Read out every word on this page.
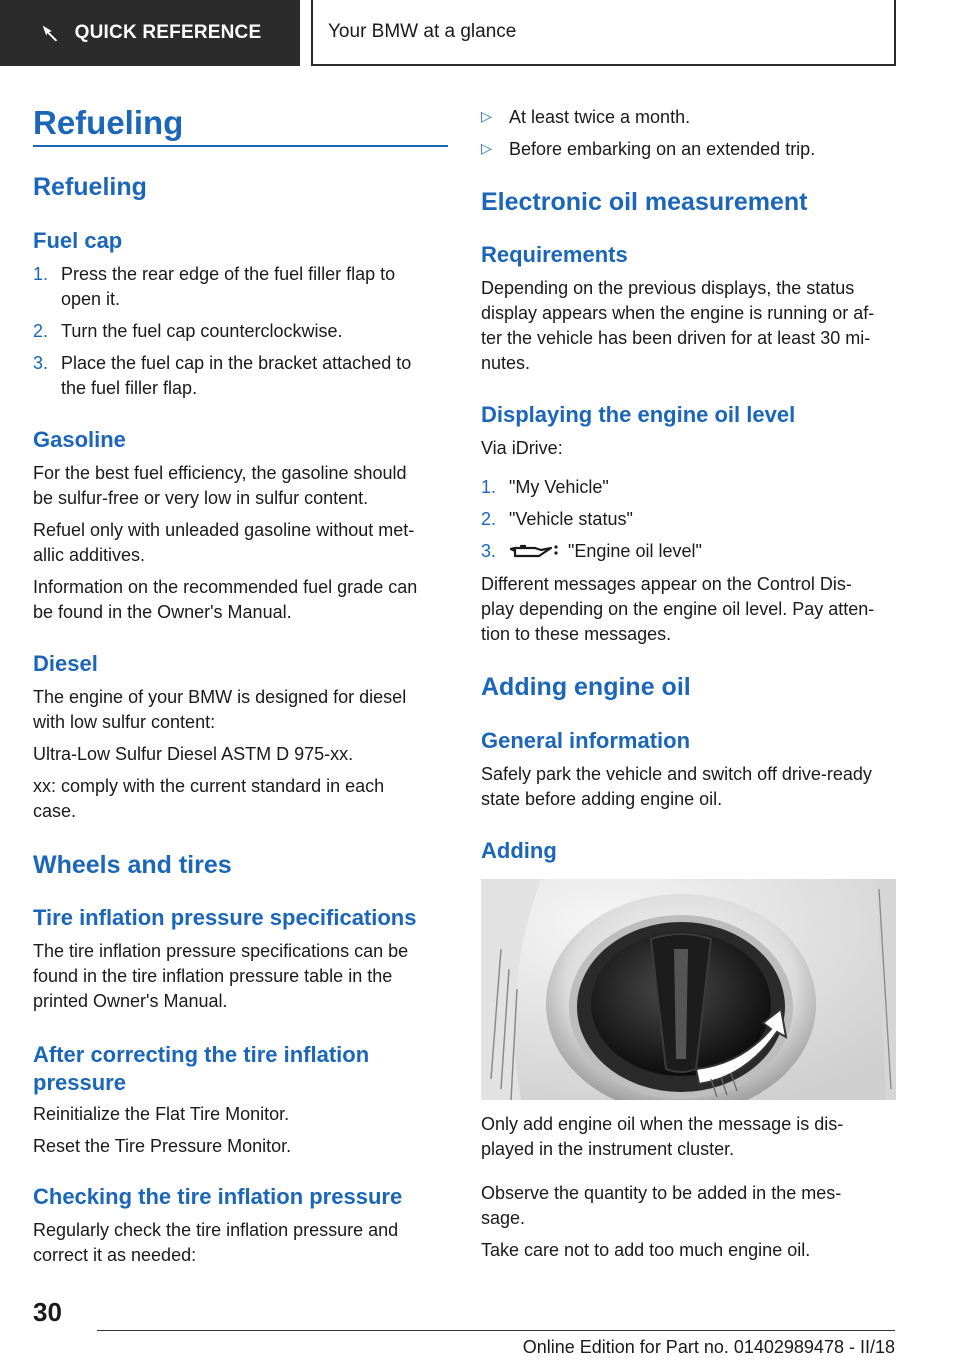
QUICK REFERENCE	Your BMW at a glance
Refueling
Refueling
Fuel cap
1. Press the rear edge of the fuel filler flap to
open it.
2. Turn the fuel cap counterclockwise.
3. Place the fuel cap in the bracket attached to
the fuel filler flap.
Gasoline
For the best fuel efficiency, the gasoline should
be sulfur-free or very low in sulfur content.
Refuel only with unleaded gasoline without met‐
allic additives.
Information on the recommended fuel grade can
be found in the Owner's Manual.
Diesel
The engine of your BMW is designed for diesel
with low sulfur content:
Ultra-Low Sulfur Diesel ASTM D 975-xx.
xx: comply with the current standard in each
case.
Wheels and tires
Tire inflation pressure specifications
The tire inflation pressure specifications can be
found in the tire inflation pressure table in the
printed Owner's Manual.
After correcting the tire inflation
pressure
Reinitialize the Flat Tire Monitor.
Reset the Tire Pressure Monitor.
Checking the tire inflation pressure
Regularly check the tire inflation pressure and
correct it as needed:
▷ At least twice a month.
▷ Before embarking on an extended trip.
Electronic oil measurement
Requirements
Depending on the previous displays, the status
display appears when the engine is running or af‐
ter the vehicle has been driven for at least 30 mi‐
nutes.
Displaying the engine oil level
Via iDrive:
1. "My Vehicle"
2. "Vehicle status"
3.	"Engine oil level"
Different messages appear on the Control Dis‐
play depending on the engine oil level. Pay atten‐
tion to these messages.
Adding engine oil
General information
Safely park the vehicle and switch off drive-ready
state before adding engine oil.
Adding
Only add engine oil when the message is dis‐
played in the instrument cluster.
Observe the quantity to be added in the mes‐
sage.
Take care not to add too much engine oil.
30
Online Edition for Part no. 01402989478 - II/18
